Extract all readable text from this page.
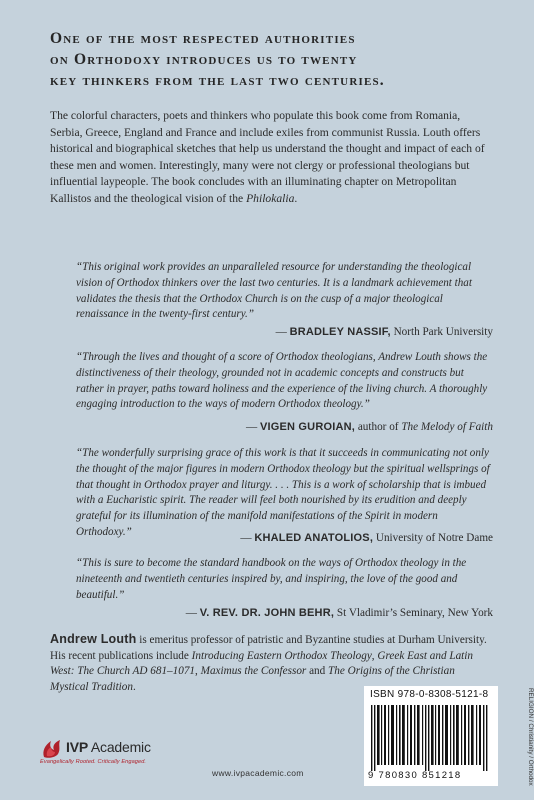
One of the most respected authorities
on Orthodoxy introduces us to twenty
key thinkers from the last two centuries.

The colorful characters, poets and thinkers who populate this book come from Romania, Serbia, Greece, England and France and include exiles from communist Russia. Louth offers historical and biographical sketches that help us understand the thought and impact of each of these men and women. Interestingly, many were not clergy or professional theologians but influential laypeople. The book concludes with an illuminating chapter on Metropolitan Kallistos and the theological vision of the Philokalia.

“This original work provides an unparalleled resource for understanding the theological vision of Orthodox thinkers over the last two centuries. It is a landmark achievement that validates the thesis that the Orthodox Church is on the cusp of a major theological renaissance in the twenty-first century.”

— BRADLEY NASSIF, North Park University

“Through the lives and thought of a score of Orthodox theologians, Andrew Louth shows the distinctiveness of their theology, grounded not in academic concepts and constructs but rather in prayer, paths toward holiness and the experience of the living church. A thoroughly engaging introduction to the ways of modern Orthodox theology.”

— VIGEN GUROIAN, author of The Melody of Faith

“The wonderfully surprising grace of this work is that it succeeds in communicating not only the thought of the major figures in modern Orthodox theology but the spiritual wellsprings of that thought in Orthodox prayer and liturgy. . . . This is a work of scholarship that is imbued with a Eucharistic spirit. The reader will feel both nourished by its erudition and deeply grateful for its illumination of the manifold manifestations of the Spirit in modern Orthodoxy.”

— KHALED ANATOLIOS, University of Notre Dame

“This is sure to become the standard handbook on the ways of Orthodox theology in the nineteenth and twentieth centuries inspired by, and inspiring, the love of the good and beautiful.”

— V. REV. DR. JOHN BEHR, St Vladimir’s Seminary, New York

Andrew Louth is emeritus professor of patristic and Byzantine studies at Durham University. His recent publications include Introducing Eastern Orthodox Theology, Greek East and Latin West: The Church AD 681–1071, Maximus the Confessor and The Origins of the Christian Mystical Tradition.

ISBN 978-0-8308-5121-8
9 780830 851218	RELIGION / Christianity / Orthodox
IVP Academic
Evangelically Rooted. Critically Engaged.
www.ivpacademic.com
